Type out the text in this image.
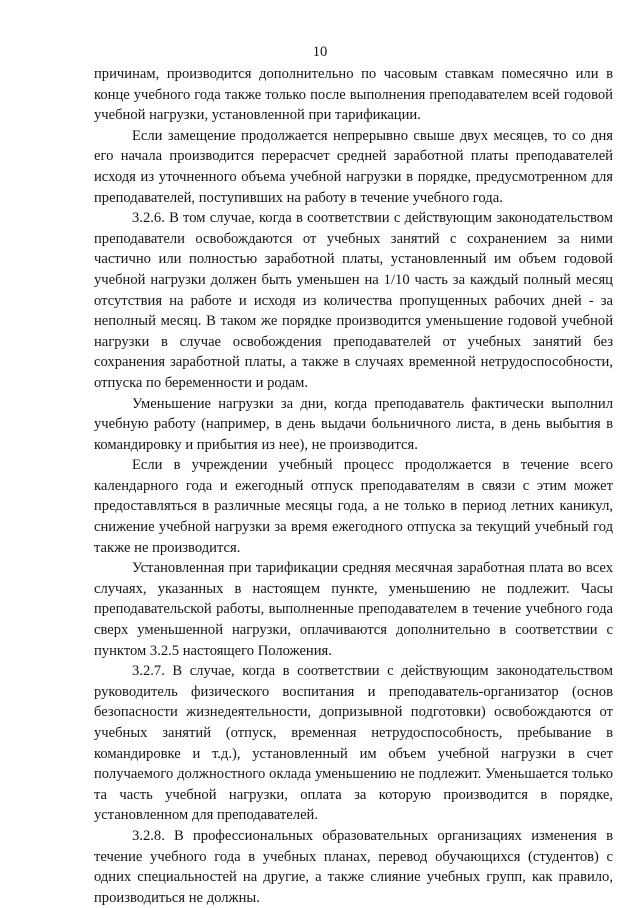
10

причинам, производится дополнительно по часовым ставкам помесячно или в конце учебного года также только после выполнения преподавателем всей годовой учебной нагрузки, установленной при тарификации.

Если замещение продолжается непрерывно свыше двух месяцев, то со дня его начала производится перерасчет средней заработной платы преподавателей исходя из уточненного объема учебной нагрузки в порядке, предусмотренном для преподавателей, поступивших на работу в течение учебного года.

3.2.6. В том случае, когда в соответствии с действующим законодательством преподаватели освобождаются от учебных занятий с сохранением за ними частично или полностью заработной платы, установленный им объем годовой учебной нагрузки должен быть уменьшен на 1/10 часть за каждый полный месяц отсутствия на работе и исходя из количества пропущенных рабочих дней - за неполный месяц. В таком же порядке производится уменьшение годовой учебной нагрузки в случае освобождения преподавателей от учебных занятий без сохранения заработной платы, а также в случаях временной нетрудоспособности, отпуска по беременности и родам.

Уменьшение нагрузки за дни, когда преподаватель фактически выполнил учебную работу (например, в день выдачи больничного листа, в день выбытия в командировку и прибытия из нее), не производится.

Если в учреждении учебный процесс продолжается в течение всего календарного года и ежегодный отпуск преподавателям в связи с этим может предоставляться в различные месяцы года, а не только в период летних каникул, снижение учебной нагрузки за время ежегодного отпуска за текущий учебный год также не производится.

Установленная при тарификации средняя месячная заработная плата во всех случаях, указанных в настоящем пункте, уменьшению не подлежит. Часы преподавательской работы, выполненные преподавателем в течение учебного года сверх уменьшенной нагрузки, оплачиваются дополнительно в соответствии с пунктом 3.2.5 настоящего Положения.

3.2.7. В случае, когда в соответствии с действующим законодательством руководитель физического воспитания и преподаватель-организатор (основ безопасности жизнедеятельности, допризывной подготовки) освобождаются от учебных занятий (отпуск, временная нетрудоспособность, пребывание в командировке и т.д.), установленный им объем учебной нагрузки в счет получаемого должностного оклада уменьшению не подлежит. Уменьшается только та часть учебной нагрузки, оплата за которую производится в порядке, установленном для преподавателей.

3.2.8. В профессиональных образовательных организациях изменения в течение учебного года в учебных планах, перевод обучающихся (студентов) с одних специальностей на другие, а также слияние учебных групп, как правило, производиться не должны.
